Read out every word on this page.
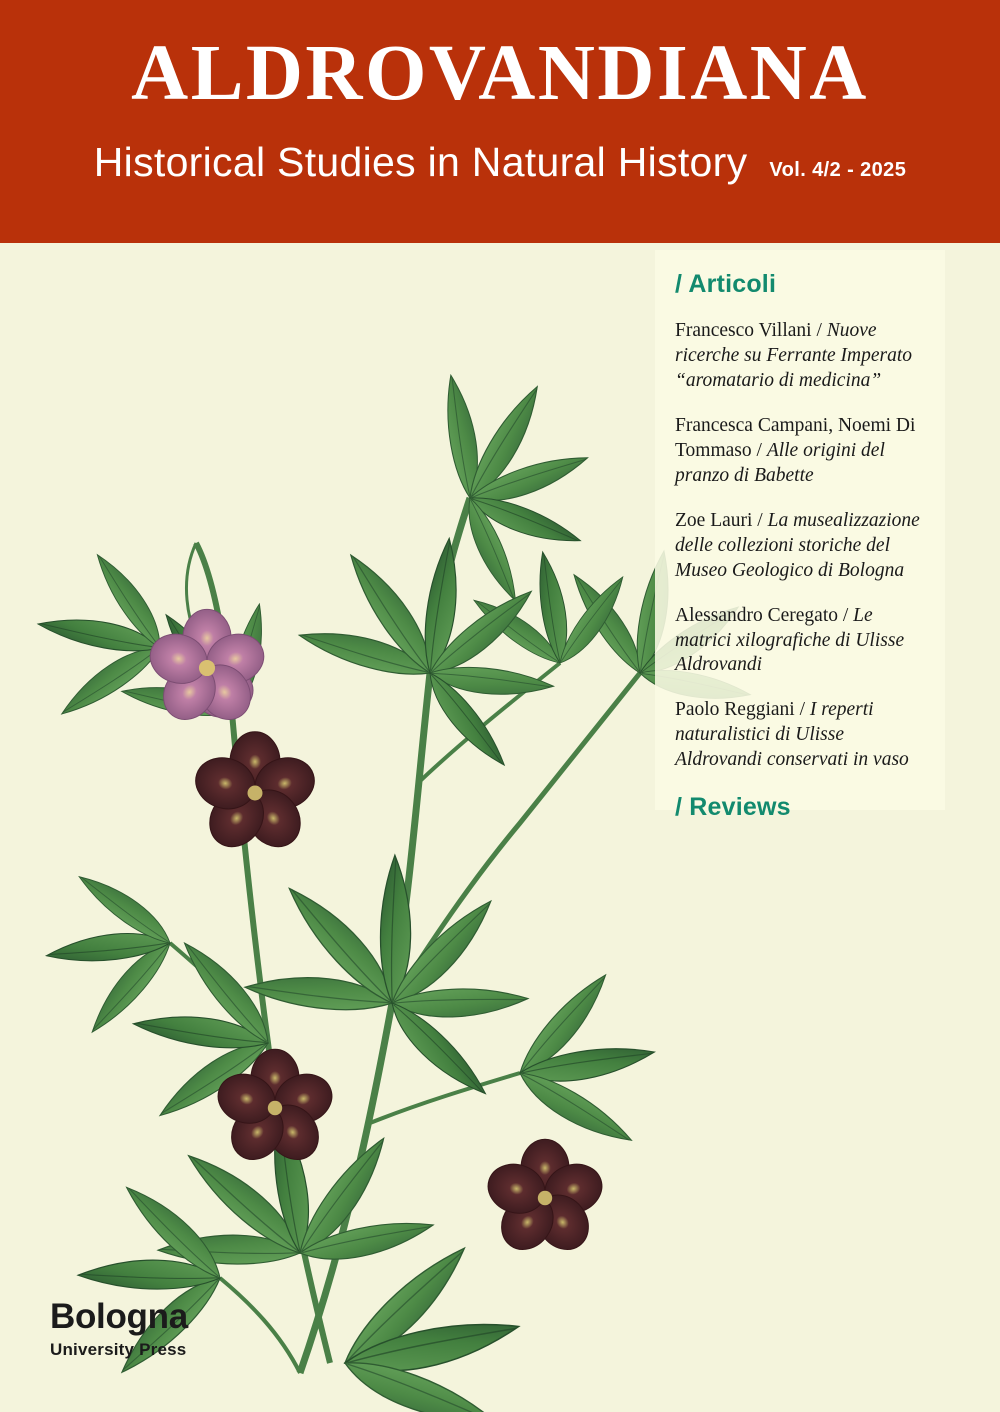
ALDROVANDIANA
Historical Studies in Natural History Vol. 4/2 - 2025
/ Articoli
Francesco Villani / Nuove ricerche su Ferrante Imperato “aromatario di medicina”
Francesca Campani, Noemi Di Tommaso / Alle origini del pranzo di Babette
Zoe Lauri / La musealizzazione delle collezioni storiche del Museo Geologico di Bologna
Alessandro Ceregato / Le matrici xilografiche di Ulisse Aldrovandi
Paolo Reggiani / I reperti naturalistici di Ulisse Aldrovandi conservati in vaso
/ Reviews
Bologna
University Press
